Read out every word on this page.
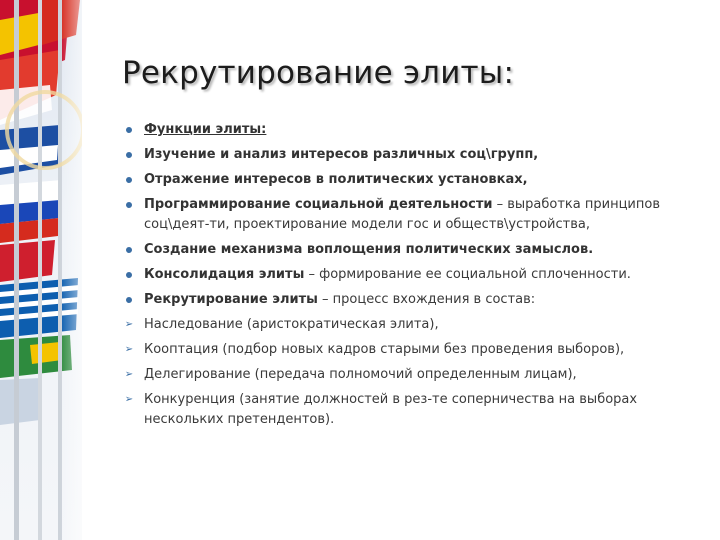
Рекрутирование элиты:
Функции элиты:
Изучение и анализ интересов различных соц\групп,
Отражение интересов в политических установках,
Программирование социальной деятельности – выработка принципов соц\деят-ти, проектирование модели гос и обществ\устройства,
Создание механизма воплощения политических замыслов.
Консолидация элиты – формирование ее социальной сплоченности.
Рекрутирование элиты – процесс вхождения в состав:
➢ Наследование (аристократическая элита),
➢ Кооптация (подбор новых кадров старыми без проведения выборов),
➢ Делегирование (передача полномочий определенным лицам),
➢ Конкуренция (занятие должностей в рез-те соперничества на выборах нескольких претендентов).
